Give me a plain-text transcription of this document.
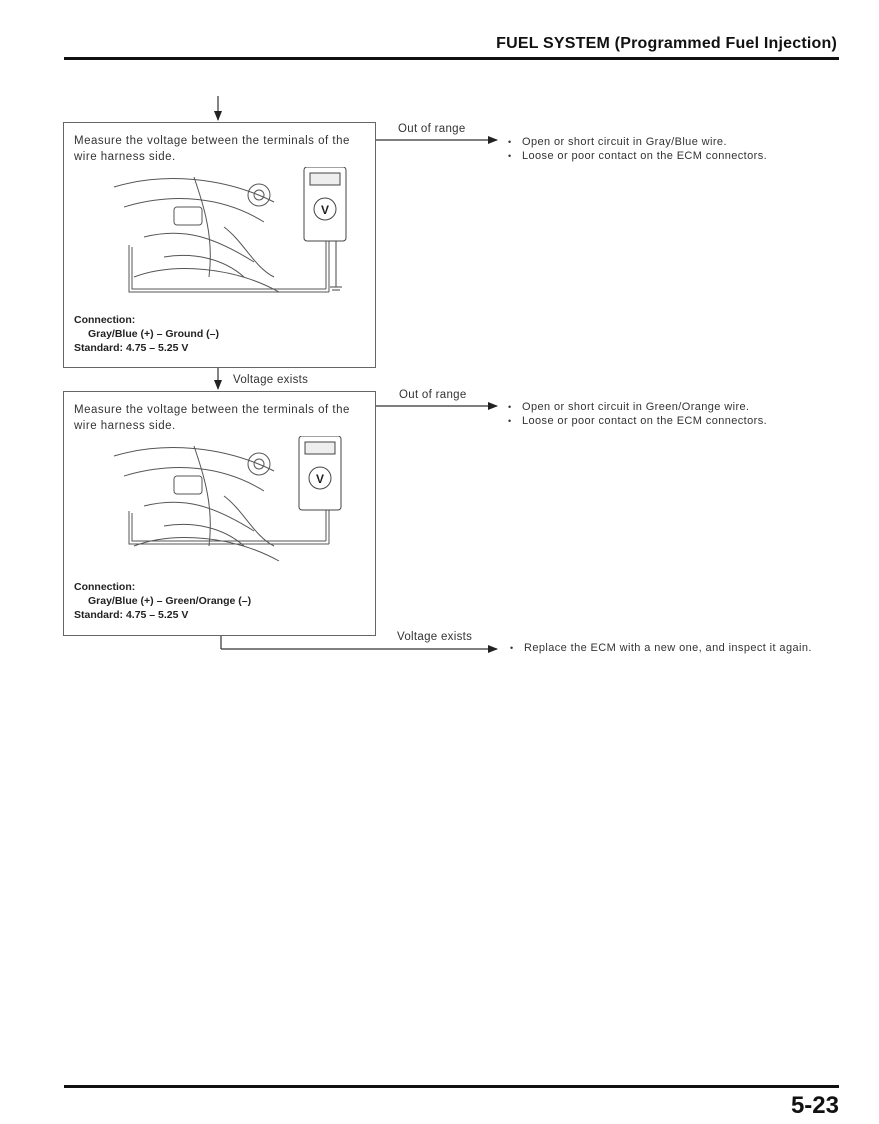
FUEL SYSTEM (Programmed Fuel Injection)
Measure the voltage between the terminals of the wire harness side.
V
Connection:
Gray/Blue (+) – Ground (–)
Standard: 4.75 – 5.25 V
Out of range
• Open or short circuit in Gray/Blue wire.
• Loose or poor contact on the ECM connectors.
Voltage exists
Measure the voltage between the terminals of the wire harness side.
V
Connection:
Gray/Blue (+) – Green/Orange (–)
Standard: 4.75 – 5.25 V
Out of range
• Open or short circuit in Green/Orange wire.
• Loose or poor contact on the ECM connectors.
Voltage exists
• Replace the ECM with a new one, and inspect it again.
5-23
